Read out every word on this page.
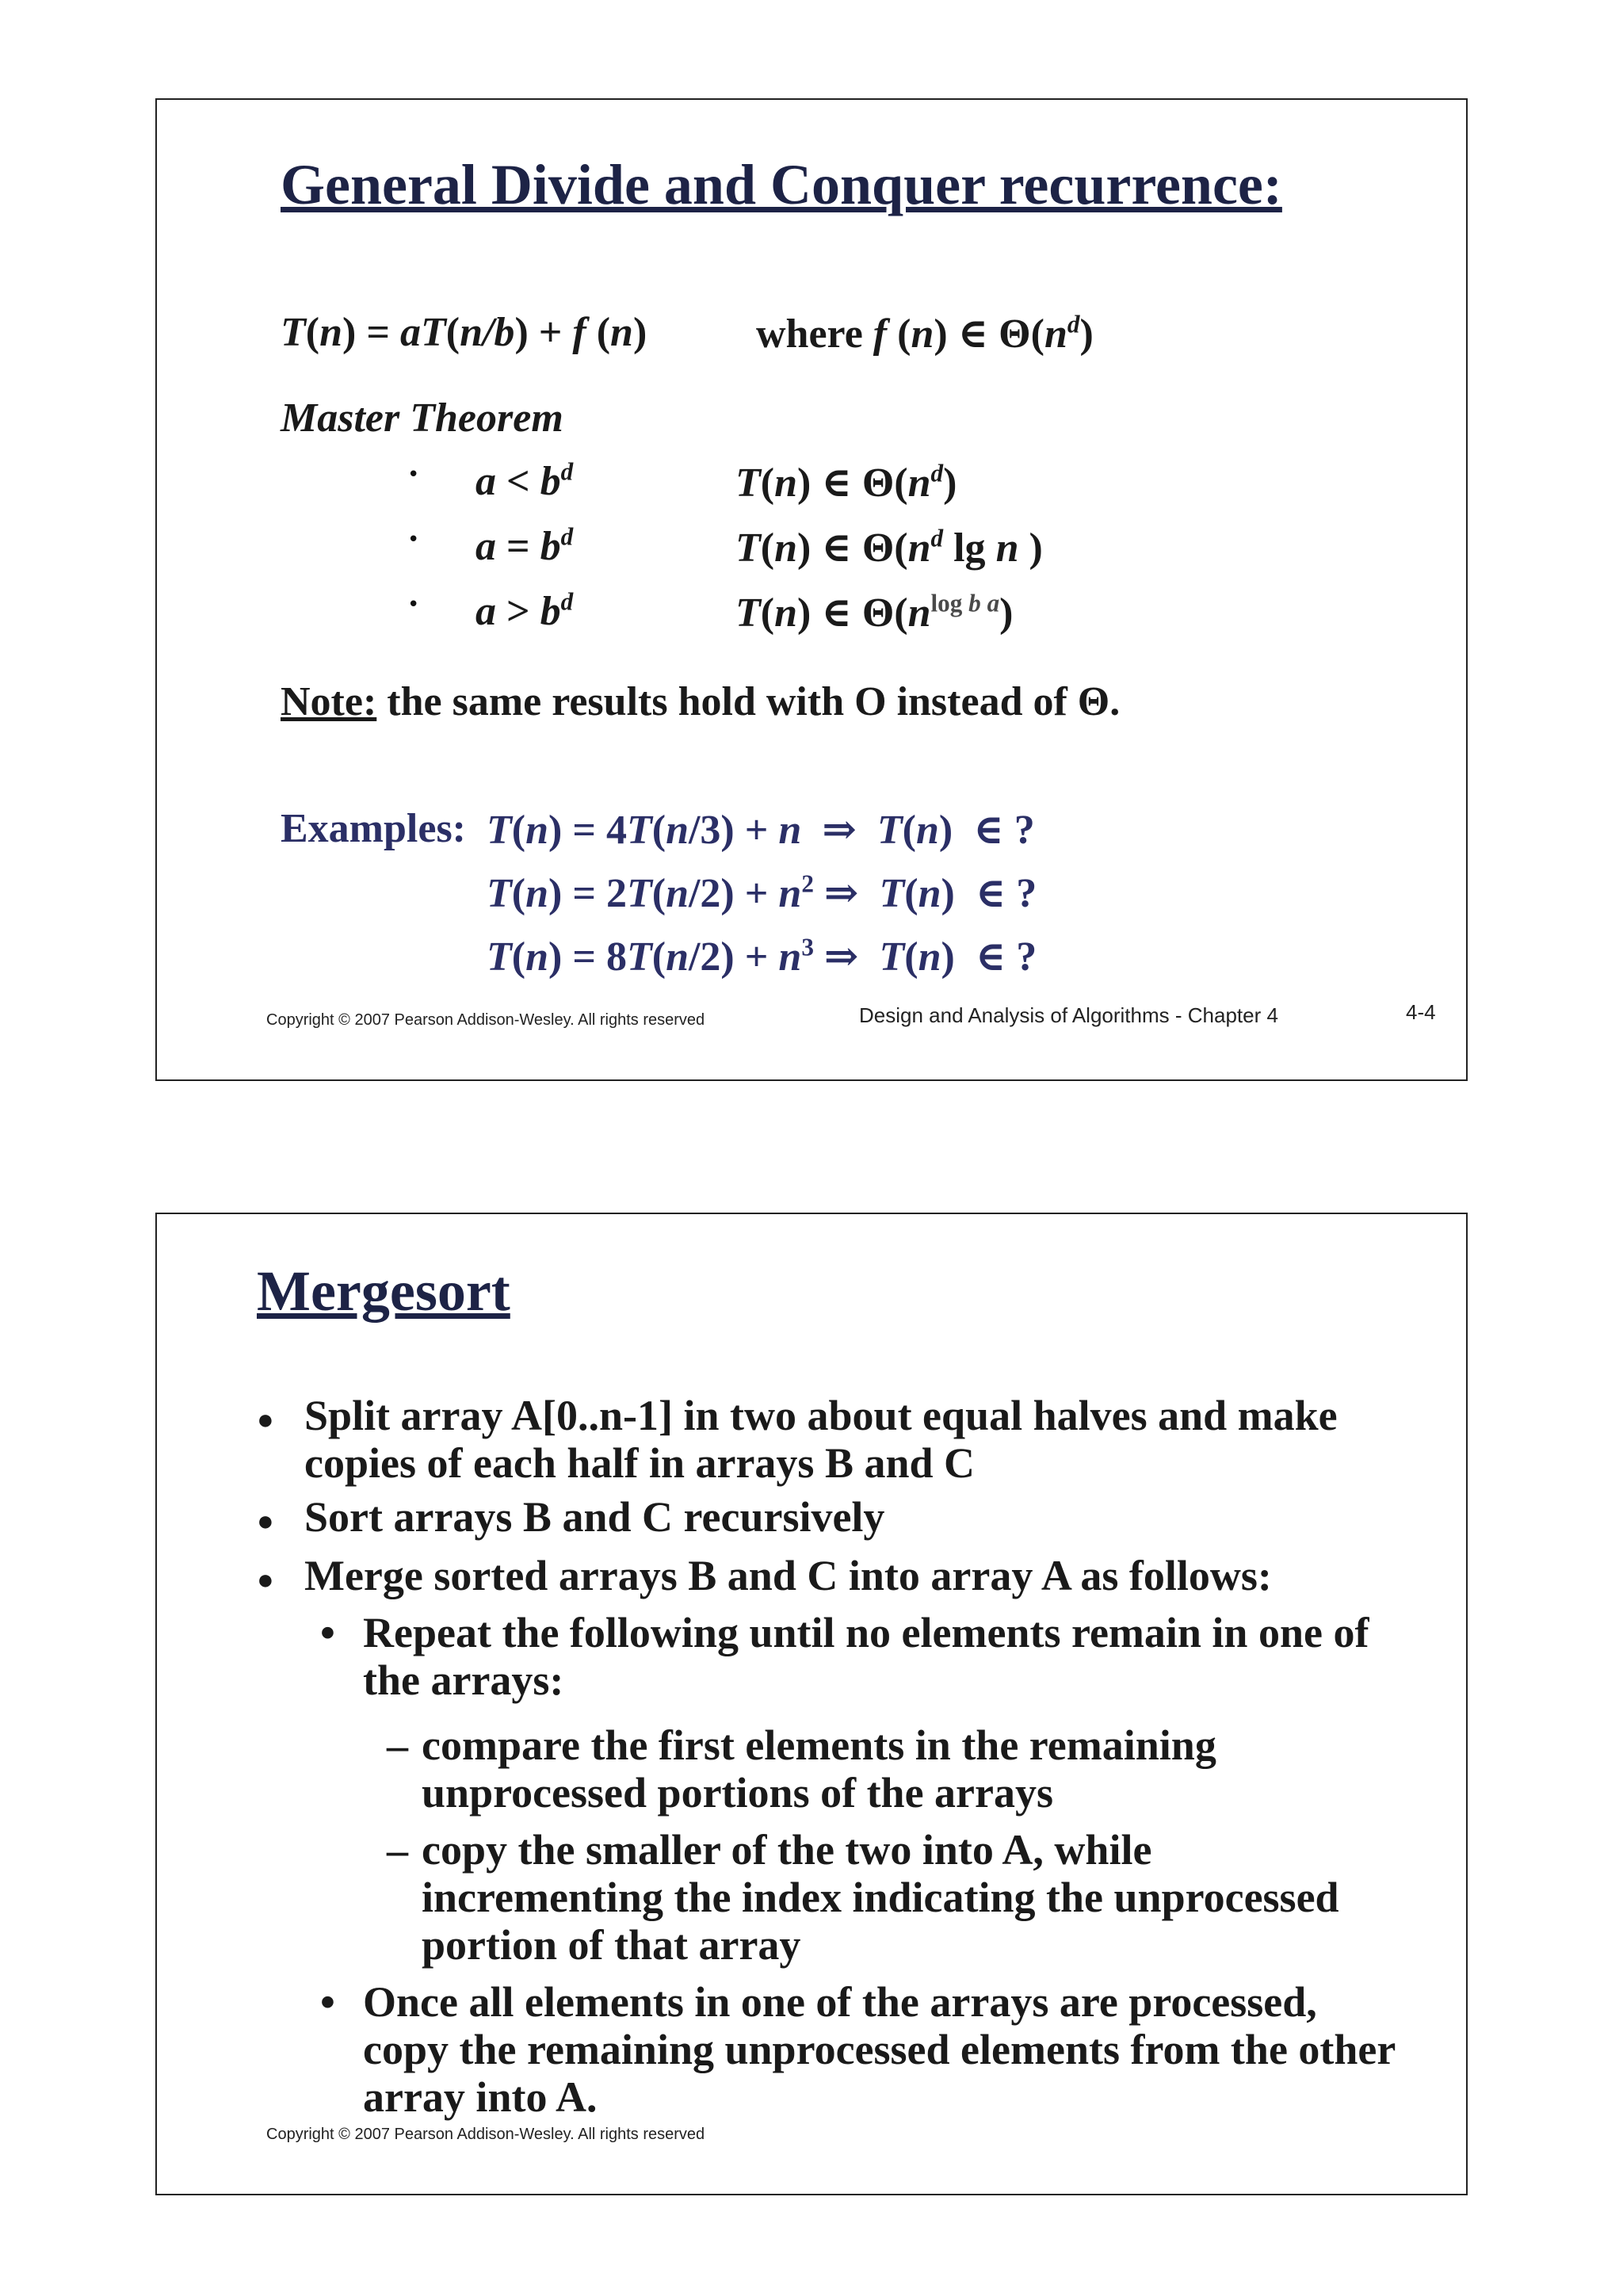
General Divide and Conquer recurrence:
T(n) = aT(n/b) + f (n)	where f (n) ∈ $\Theta(n^d)$
Master Theorem
• $a < b^d$	T(n) ∈ $\Theta(n^d)$
• $a = b^d$	T(n) ∈ $\Theta(n^d$ lg n )
• $a > b^d$	T(n) ∈ $\Theta(n^{log b a})$
Note: the same results hold with O instead of Θ.
Examples: T(n) = 4T(n/3) + n  ⇒  T(n)  ∈ ?
$T(n) = 2T(n/2) + n^2$ ⇒  T(n)  ∈ ?
$T(n) = 8T(n/2) + n^3$ ⇒  T(n)  ∈ ?
Copyright © 2007 Pearson Addison-Wesley. All rights reserved	Design and Analysis of Algorithms - Chapter 4	4-4
Mergesort
● Split array A[0..n-1] in two about equal halves and make
copies of each half in arrays B and C
● Sort arrays B and C recursively
● Merge sorted arrays B and C into array A as follows:
• Repeat the following until no elements remain in one of
the arrays:
– compare the first elements in the remaining
unprocessed portions of the arrays
– copy the smaller of the two into A, while
incrementing the index indicating the unprocessed
portion of that array
• Once all elements in one of the arrays are processed,
copy the remaining unprocessed elements from the other
array into A.
Copyright © 2007 Pearson Addison-Wesley. All rights reserved
